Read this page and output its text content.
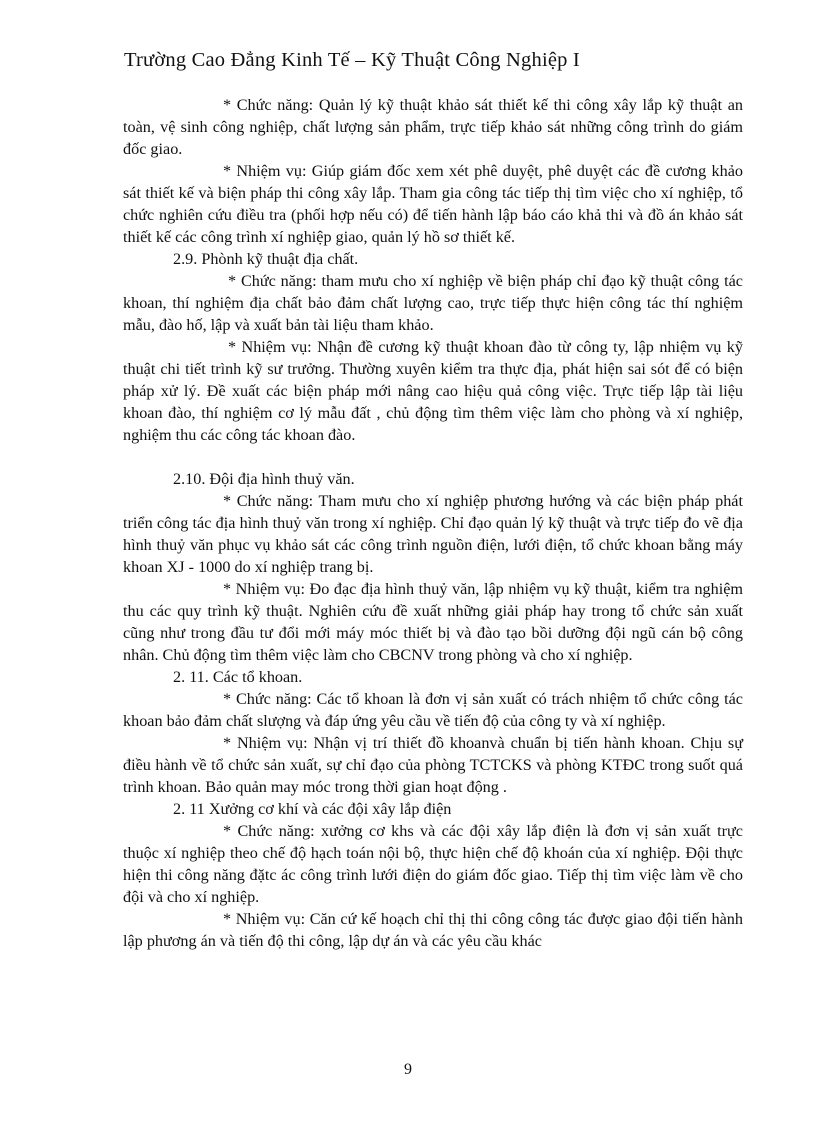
Trường Cao Đẳng Kinh Tế – Kỹ Thuật Công Nghiệp I

* Chức năng: Quản lý kỹ thuật khảo sát thiết kế thi công xây lắp kỹ thuật an toàn, vệ sinh công nghiệp, chất lượng sản phẩm, trực tiếp khảo sát những công trình do giám đốc giao.

* Nhiệm vụ: Giúp giám đốc xem xét phê duyệt, phê duyệt các đề cương khảo sát thiết kế và biện pháp thi công xây lắp. Tham gia công tác tiếp thị tìm việc cho xí nghiệp, tổ chức nghiên cứu điều tra (phối hợp nếu có) để tiến hành lập báo cáo khả thi và đồ án khảo sát thiết kế các công trình xí nghiệp giao, quản lý hồ sơ thiết kế.

2.9. Phònh kỹ thuật địa chất.

* Chức năng: tham mưu cho xí nghiệp về biện pháp chỉ đạo kỹ thuật công tác khoan, thí nghiệm địa chất bảo đảm chất lượng cao, trực tiếp thực hiện công tác thí nghiệm mẫu, đào hố, lập và xuất bản tài liệu tham khảo.

* Nhiệm vụ: Nhận đề cương kỹ thuật khoan đào từ công ty, lập nhiệm vụ kỹ thuật chi tiết trình kỹ sư trưởng. Thường xuyên kiểm tra thực địa, phát hiện sai sót để có biện pháp xử lý. Đề xuất các biện pháp mới nâng cao hiệu quả công việc. Trực tiếp lập tài liệu khoan đào, thí nghiệm cơ lý mẫu đất , chủ động tìm thêm việc làm cho phòng và xí nghiệp, nghiệm thu các công tác khoan đào.

2.10. Đội địa hình thuỷ văn.

* Chức năng: Tham mưu cho xí nghiệp phương hướng và các biện pháp phát triển công tác địa hình thuỷ văn trong xí nghiệp. Chỉ đạo quản lý kỹ thuật và trực tiếp đo vẽ địa hình thuỷ văn phục vụ khảo sát các công trình nguồn điện, lưới điện, tổ chức khoan bằng máy khoan XJ - 1000 do xí nghiệp trang bị.

* Nhiệm vụ: Đo đạc địa hình thuỷ văn, lập nhiệm vụ kỹ thuật, kiểm tra nghiệm thu các quy trình kỹ thuật. Nghiên cứu đề xuất những giải pháp hay trong tổ chức sản xuất cũng như trong đầu tư đổi mới máy móc thiết bị và đào tạo bồi dưỡng đội ngũ cán bộ công nhân. Chủ động tìm thêm việc làm cho CBCNV trong phòng và cho xí nghiệp.

2. 11. Các tổ khoan.

* Chức năng: Các tổ khoan là đơn vị sản xuất có trách nhiệm tổ chức công tác khoan bảo đảm chất slượng và đáp ứng yêu cầu về tiến độ của công ty và xí nghiệp.

* Nhiệm vụ: Nhận vị trí thiết đồ khoanvà chuẩn bị tiến hành khoan. Chịu sự điều hành về tổ chức sản xuất, sự chỉ đạo của phòng TCTCKS và phòng KTĐC trong suốt quá trình khoan. Bảo quản may móc trong thời gian hoạt động .

2. 11 Xưởng cơ khí và các đội xây lắp điện

* Chức năng: xưởng cơ khs và các đội xây lắp điện là đơn vị sản xuất trực thuộc xí nghiệp theo chế độ hạch toán nội bộ, thực hiện chế độ khoán của xí nghiệp. Đội thực hiện thi công năng đặtc ác công trình lưới điện do giám đốc giao. Tiếp thị tìm việc làm về cho đội và cho xí nghiệp.

* Nhiệm vụ: Căn cứ kế hoạch chỉ thị thi công công tác được giao đội tiến hành lập phương án và tiến độ thi công, lập dự án và các yêu cầu khác

9
